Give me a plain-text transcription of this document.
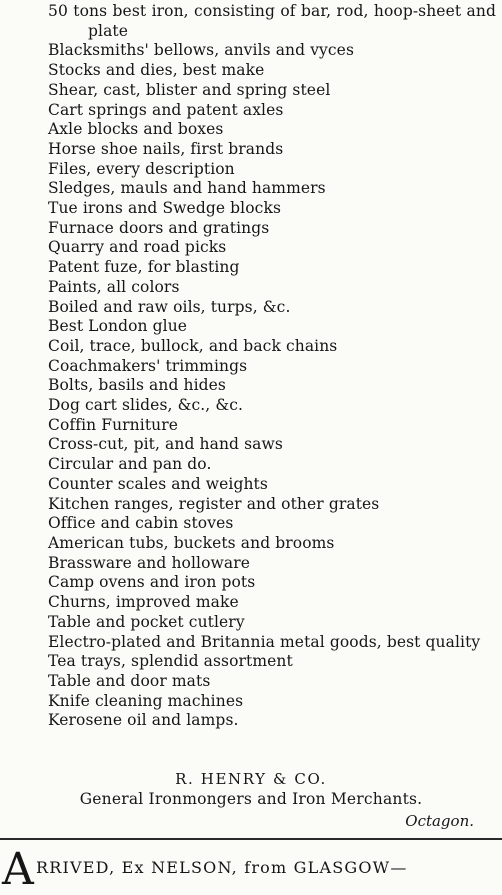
50 tons best iron, consisting of bar, rod, hoop-sheet and plate
Blacksmiths' bellows, anvils and vyces
Stocks and dies, best make
Shear, cast, blister and spring steel
Cart springs and patent axles
Axle blocks and boxes
Horse shoe nails, first brands
Files, every description
Sledges, mauls and hand hammers
Tue irons and Swedge blocks
Furnace doors and gratings
Quarry and road picks
Patent fuze, for blasting
Paints, all colors
Boiled and raw oils, turps, &c.
Best London glue
Coil, trace, bullock, and back chains
Coachmakers' trimmings
Bolts, basils and hides
Dog cart slides, &c., &c.
Coffin Furniture
Cross-cut, pit, and hand saws
Circular and pan do.
Counter scales and weights
Kitchen ranges, register and other grates
Office and cabin stoves
American tubs, buckets and brooms
Brassware and holloware
Camp ovens and iron pots
Churns, improved make
Table and pocket cutlery
Electro-plated and Britannia metal goods, best quality
Tea trays, splendid assortment
Table and door mats
Knife cleaning machines
Kerosene oil and lamps.
R. HENRY & CO.
General Ironmongers and Iron Merchants.
Octagon.
A RRIVED, Ex NELSON, from GLASGOW—
